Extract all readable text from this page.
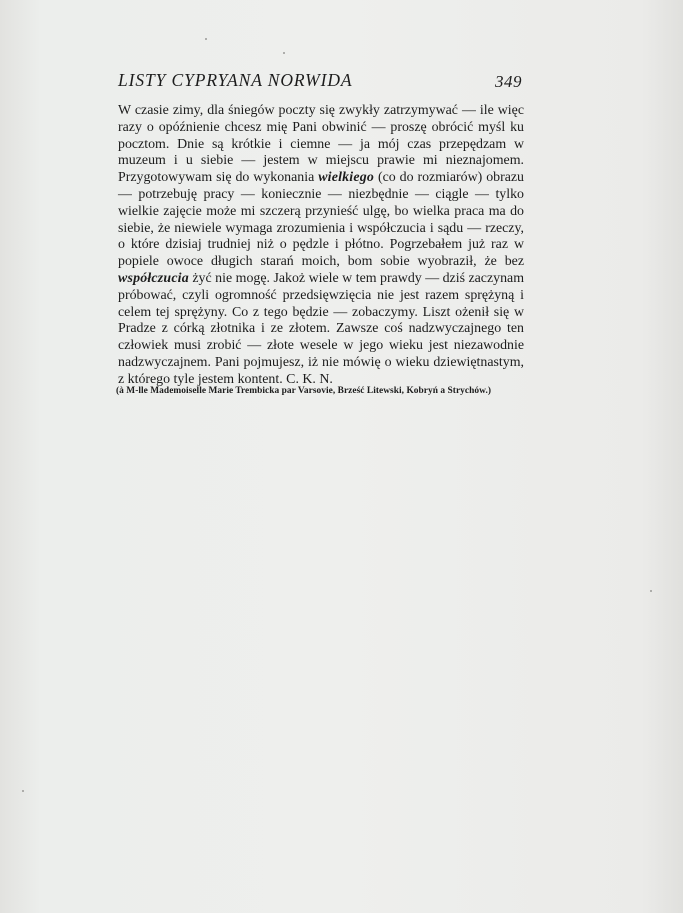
LISTY CYPRYANA NORWIDA	349
W czasie zimy, dla śniegów poczty się zwykły zatrzymywać — ile więc razy o opóźnienie chcesz mię Pani obwinić — proszę obrócić myśl ku pocztom. Dnie są krótkie i ciemne — ja mój czas przepędzam w muzeum i u siebie — jestem w miejscu prawie mi nieznajomem. Przygotowywam się do wykonania wielkiego (co do rozmiarów) obrazu — potrzebuję pracy — koniecznie — niezbędnie — ciągle — tylko wielkie zajęcie może mi szczerą przynieść ulgę, bo wielka praca ma do siebie, że niewiele wymaga zrozumienia i współczucia i sądu — rzeczy, o które dzisiaj trudniej niż o pędzle i płótno. Pogrzebałem już raz w popiele owoce długich starań moich, bom sobie wyobraził, że bez współczucia żyć nie mogę. Jakoż wiele w tem prawdy — dziś zaczynam próbować, czyli ogromność przedsięwzięcia nie jest razem sprężyną i celem tej sprężyny. Co z tego będzie — zobaczymy. Liszt ożenił się w Pradze z córką złotnika i ze złotem. Zawsze coś nadzwyczajnego ten człowiek musi zrobić — złote wesele w jego wieku jest niezawodnie nadzwyczajnem. Pani pojmujesz, iż nie mówię o wieku dziewiętnastym, z którego tyle jestem kontent. C. K. N.
(à M-lle Mademoiselle Marie Trembicka par Varsovie, Brześć Litewski, Kobryń a Strychów.)
